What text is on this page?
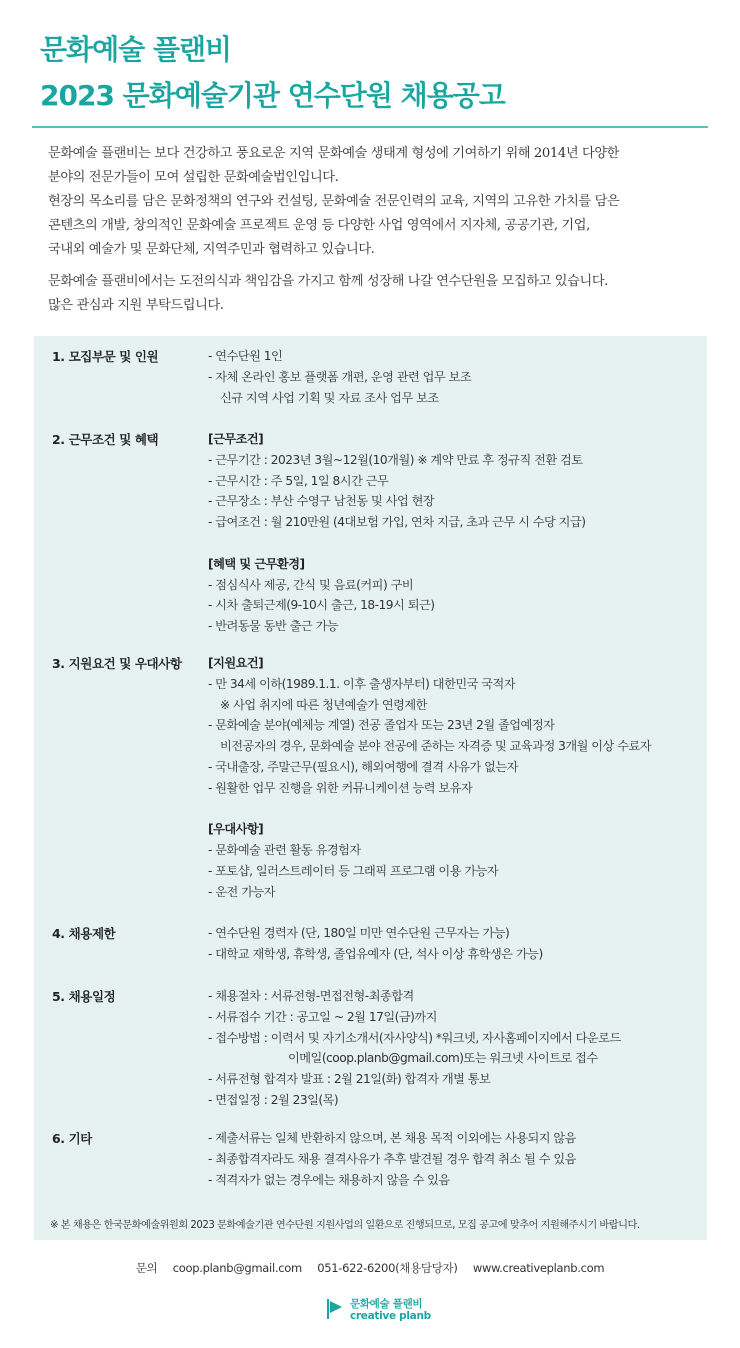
문화예술 플랜비
2023 문화예술기관 연수단원 채용공고

문화예술 플랜비는 보다 건강하고 풍요로운 지역 문화예술 생태계 형성에 기여하기 위해 2014년 다양한

분야의 전문가들이 모여 설립한 문화예술법인입니다.

현장의 목소리를 담은 문화정책의 연구와 컨설팅, 문화예술 전문인력의 교육, 지역의 고유한 가치를 담은

콘텐츠의 개발, 창의적인 문화예술 프로젝트 운영 등 다양한 사업 영역에서 지자체, 공공기관, 기업,

국내외 예술가 및 문화단체, 지역주민과 협력하고 있습니다.

문화예술 플랜비에서는 도전의식과 책임감을 가지고 함께 성장해 나갈 연수단원을 모집하고 있습니다.

많은 관심과 지원 부탁드립니다.

1. 모집부문 및 인원	- 연수단원 1인
- 자체 온라인 홍보 플랫폼 개편, 운영 관련 업무 보조
신규 지역 사업 기획 및 자료 조사 업무 보조
2. 근무조건 및 혜택	[근무조건]
- 근무기간 : 2023년 3월~12월(10개월) ※ 계약 만료 후 정규직 전환 검토
- 근무시간 : 주 5일, 1일 8시간 근무
- 근무장소 : 부산 수영구 남천동 및 사업 현장
- 급여조건 : 월 210만원 (4대보험 가입, 연차 지급, 초과 근무 시 수당 지급)
[혜택 및 근무환경]
- 점심식사 제공, 간식 및 음료(커피) 구비
- 시차 출퇴근제(9-10시 출근, 18-19시 퇴근)
- 반려동물 동반 출근 가능
3. 지원요건 및 우대사항	[지원요건]
- 만 34세 이하(1989.1.1. 이후 출생자부터) 대한민국 국적자
※ 사업 취지에 따른 청년예술가 연령제한
- 문화예술 분야(예체능 계열) 전공 졸업자 또는 23년 2월 졸업예정자
비전공자의 경우, 문화예술 분야 전공에 준하는 자격증 및 교육과정 3개월 이상 수료자
- 국내출장, 주말근무(필요시), 해외여행에 결격 사유가 없는자
- 원활한 업무 진행을 위한 커뮤니케이션 능력 보유자
[우대사항]
- 문화예술 관련 활동 유경험자
- 포토샵, 일러스트레이터 등 그래픽 프로그램 이용 가능자
- 운전 가능자
4. 채용제한	- 연수단원 경력자 (단, 180일 미만 연수단원 근무자는 가능)
- 대학교 재학생, 휴학생, 졸업유예자 (단, 석사 이상 휴학생은 가능)
5. 채용일정	- 채용절차 : 서류전형-면접전형-최종합격
- 서류접수 기간 : 공고일 ~ 2월 17일(금)까지
- 접수방법 : 이력서 및 자기소개서(자사양식) *워크넷, 자사홈페이지에서 다운로드
이메일(coop.planb@gmail.com)또는 워크넷 사이트로 접수
- 서류전형 합격자 발표 : 2월 21일(화) 합격자 개별 통보
- 면접일정 : 2월 23일(목)
6. 기타	- 제출서류는 일체 반환하지 않으며, 본 채용 목적 이외에는 사용되지 않음
- 최종합격자라도 채용 결격사유가 추후 발견될 경우 합격 취소 될 수 있음
- 적격자가 없는 경우에는 채용하지 않을 수 있음
※ 본 채용은 한국문화예술위원회 2023 문화예술기관 연수단원 지원사업의 일환으로 진행되므로, 모집 공고에 맞추어 지원해주시기 바랍니다.
문의 coop.planb@gmail.com 051-622-6200(채용담당자) www.creativeplanb.com
문화예술 플랜비
creative planb
